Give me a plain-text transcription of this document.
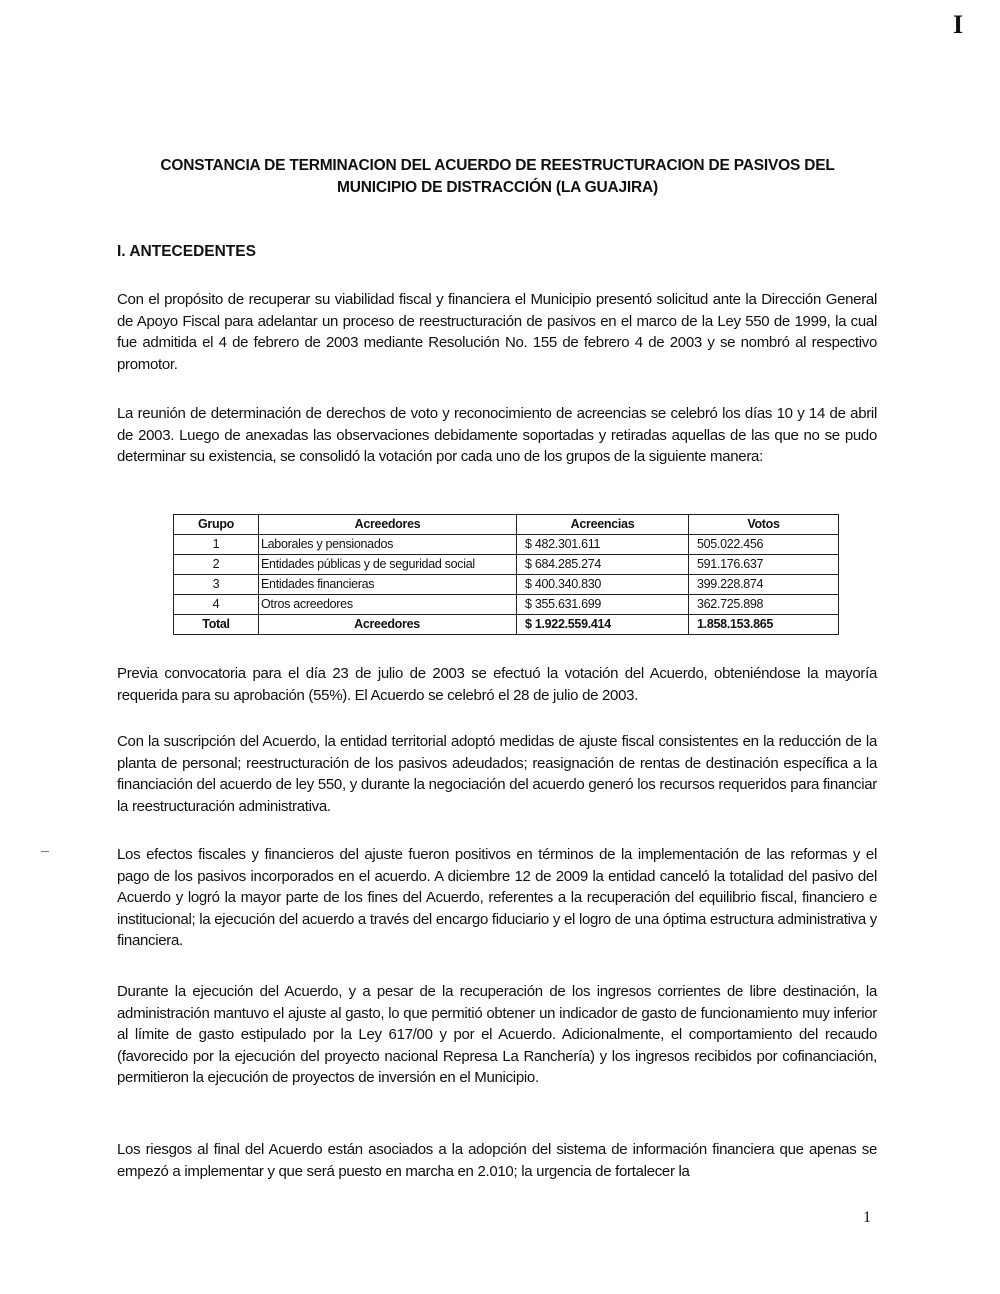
I
CONSTANCIA DE TERMINACION DEL ACUERDO DE REESTRUCTURACION DE PASIVOS DEL
MUNICIPIO DE DISTRACCIÓN (LA GUAJIRA)
I. ANTECEDENTES

Con el propósito de recuperar su viabilidad fiscal y financiera el Municipio presentó solicitud ante la Dirección General de Apoyo Fiscal para adelantar un proceso de reestructuración de pasivos en el marco de la Ley 550 de 1999, la cual fue admitida el 4 de febrero de 2003 mediante Resolución No. 155 de febrero 4 de 2003 y se nombró al respectivo promotor.

La reunión de determinación de derechos de voto y reconocimiento de acreencias se celebró los días 10 y 14 de abril de 2003. Luego de anexadas las observaciones debidamente soportadas y retiradas aquellas de las que no se pudo determinar su existencia, se consolidó la votación por cada uno de los grupos de la siguiente manera:

Grupo	Acreedores	Acreencias	Votos
1	Laborales y pensionados	$ 482.301.611	505.022.456
2	Entidades públicas y de seguridad social	$ 684.285.274	591.176.637
3	Entidades financieras	$ 400.340.830	399.228.874
4	Otros acreedores	$ 355.631.699	362.725.898
Total	Acreedores	$ 1.922.559.414	1.858.153.865

Previa convocatoria para el día 23 de julio de 2003 se efectuó la votación del Acuerdo, obteniéndose la mayoría requerida para su aprobación (55%). El Acuerdo se celebró el 28 de julio de 2003.

Con la suscripción del Acuerdo, la entidad territorial adoptó medidas de ajuste fiscal consistentes en la reducción de la planta de personal; reestructuración de los pasivos adeudados; reasignación de rentas de destinación específica a la financiación del acuerdo de ley 550, y durante la negociación del acuerdo generó los recursos requeridos para financiar la reestructuración administrativa.

Los efectos fiscales y financieros del ajuste fueron positivos en términos de la implementación de las reformas y el pago de los pasivos incorporados en el acuerdo. A diciembre 12 de 2009 la entidad canceló la totalidad del pasivo del Acuerdo y logró la mayor parte de los fines del Acuerdo, referentes a la recuperación del equilibrio fiscal, financiero e institucional; la ejecución del acuerdo a través del encargo fiduciario y el logro de una óptima estructura administrativa y financiera.

Durante la ejecución del Acuerdo, y a pesar de la recuperación de los ingresos corrientes de libre destinación, la administración mantuvo el ajuste al gasto, lo que permitió obtener un indicador de gasto de funcionamiento muy inferior al límite de gasto estipulado por la Ley 617/00 y por el Acuerdo. Adicionalmente, el comportamiento del recaudo (favorecido por la ejecución del proyecto nacional Represa La Ranchería) y los ingresos recibidos por cofinanciación, permitieron la ejecución de proyectos de inversión en el Municipio.

Los riesgos al final del Acuerdo están asociados a la adopción del sistema de información financiera que apenas se empezó a implementar y que será puesto en marcha en 2.010; la urgencia de fortalecer la

1
